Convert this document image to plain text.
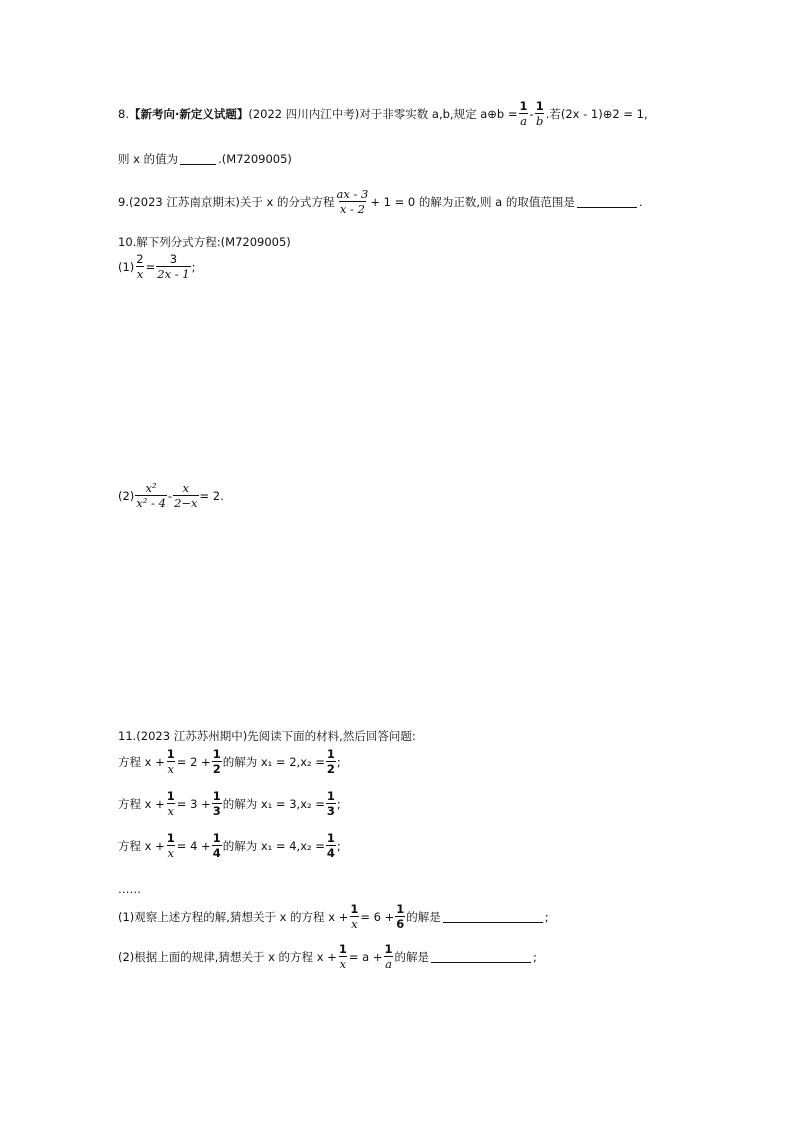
8. 【新考向·新定义试题】 (2022 四川内江中考) 对于非零实数 a,b,规定 a⊕b = $\frac{1}{a} - \frac{1}{b}$ .若(2x - 1)⊕2 = 1,
则 x 的值为	.(M7209005)
9.(2023 江苏南京期末)关于 x 的分式方程 $\frac{ax - 3}{x - 2} + 1 = 0$ 的解为正数,则 a 的取值范围是	.
10.解下列分式方程:(M7209005)
$(1) \frac{2}{x} = \frac{3}{2x - 1}$ ;
$(2) \frac{\text{x²}}{\text{x² - 4}} - \frac{x}{2-x} = 2$.
11.(2023 江苏苏州期中)先阅读下面的材料,然后回答问题:
方程 $x + \frac{1}{x} = 2 + \frac{1}{2}$ 的解为 $x_1 = 2,x_2 = \frac{1}{2}$ ;
方程 $x + \frac{1}{x} = 3 + \frac{1}{3}$ 的解为 $x_1 = 3,x_2 = \frac{1}{3}$ ;
方程 $x + \frac{1}{x} = 4 + \frac{1}{4}$ 的解为 $x_1 = 4,x_2 = \frac{1}{4}$ ;
……
(1)观察上述方程的解,猜想关于 x 的方程 $x + \frac{1}{x} = 6 + \frac{1}{6}$ 的解是	;
(2)根据上面的规律,猜想关于 x 的方程 $x + \frac{1}{x} = a + \frac{1}{a}$ 的解是	;
